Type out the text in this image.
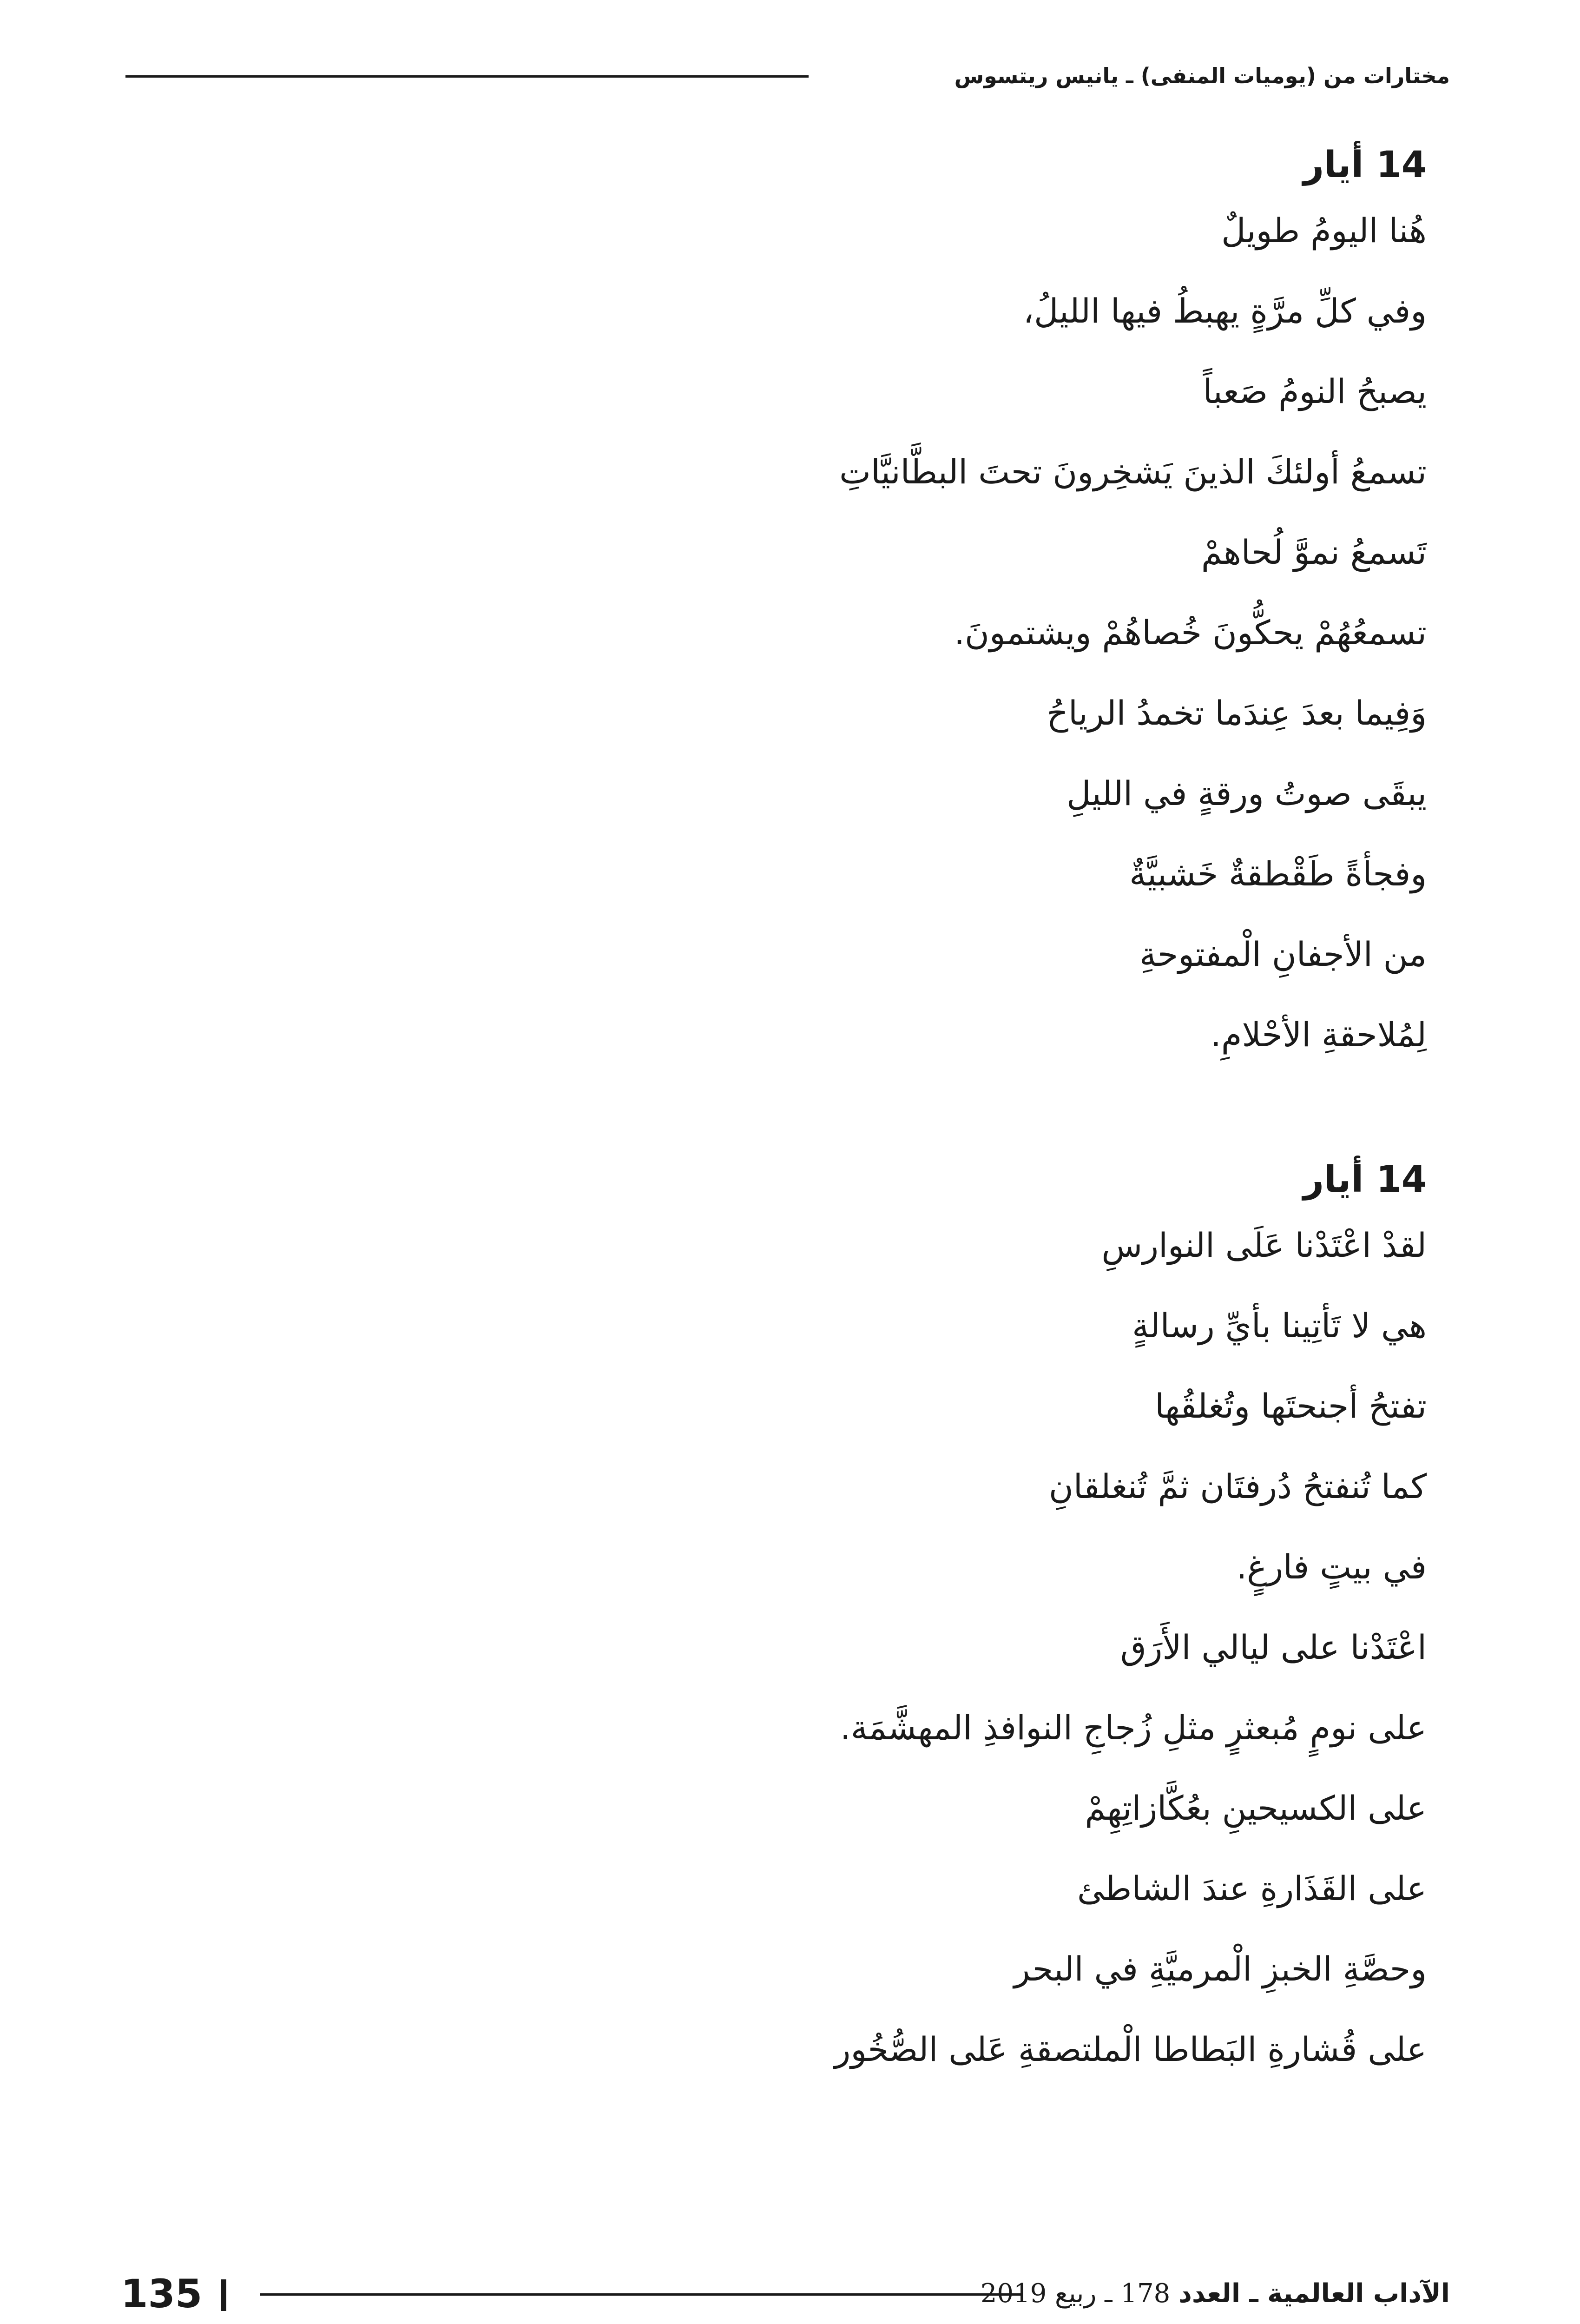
مختارات من (يوميات المنفى) ـ يانيس ريتسوس

14 أيار

هُنا اليومُ طويلٌ

وفي كلِّ مرَّةٍ يهبطُ فيها الليلُ،

يصبحُ النومُ صَعباً

تسمعُ أولئكَ الذينَ يَشخِرونَ تحتَ البطَّانيَّاتِ

تَسمعُ نموَّ لُحاهمْ

تسمعُهُمْ يحكُّونَ خُصاهُمْ ويشتمونَ.

وَفِيما بعدَ عِندَما تخمدُ الرياحُ

يبقَى صوتُ ورقةٍ في الليلِ

وفجأةً طَقْطقةٌ خَشبيَّةٌ

من الأجفانِ الْمفتوحةِ

لِمُلاحقةِ الأحْلامِ.

14 أيار

لقدْ اعْتَدْنا عَلَى النوارسِ

هي لا تَأتِينا بأيِّ رسالةٍ

تفتحُ أجنحتَها وتُغلقُها

كما تُنفتحُ دُرفتَان ثمَّ تُنغلقانِ

في بيتٍ فارغٍ.

اعْتَدْنا على ليالي الأَرَق

على نومٍ مُبعثرٍ مثلِ زُجاجِ النوافذِ المهشَّمَة.

على الكسيحينِ بعُكَّازاتِهِمْ

على القَذَارةِ عندَ الشاطئ

وحصَّةِ الخبزِ الْمرميَّةِ في البحر

على قُشارةِ البَطاطا الْملتصقةِ عَلى الصُّخُور

135	الآداب العالمية ـ العدد 178 ـ ربيع 2019
